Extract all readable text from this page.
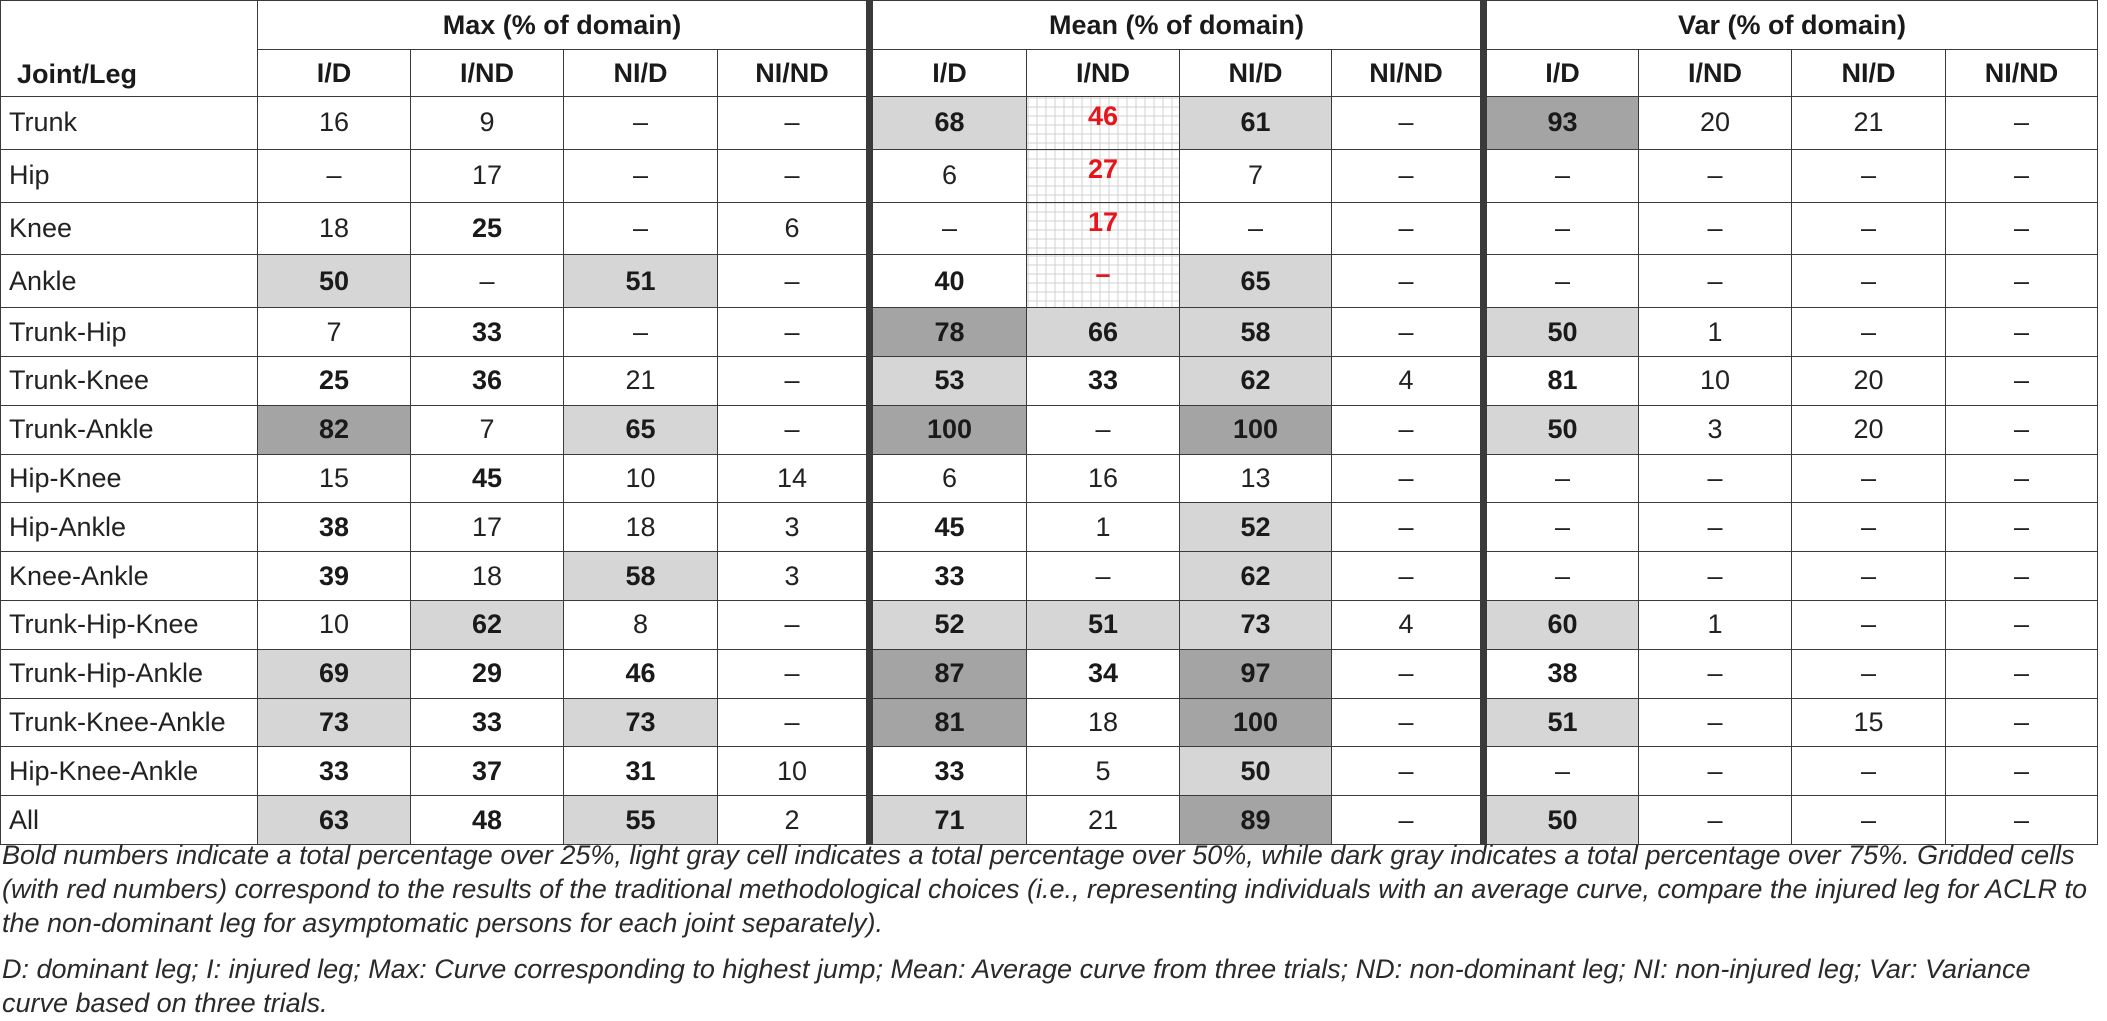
Joint/Leg	Max (% of domain)				Mean (% of domain)				Var (% of domain)			
	I/D	I/ND	NI/D	NI/ND	I/D	I/ND	NI/D	NI/ND	I/D	I/ND	NI/D	NI/ND
Trunk	16	9	–	–	68	46	61	–	93	20	21	–
Hip	–	17	–	–	6	27	7	–	–	–	–	–
Knee	18	25	–	6	–	17	–	–	–	–	–	–
Ankle	50	–	51	–	40	–	65	–	–	–	–	–
Trunk-Hip	7	33	–	–	78	66	58	–	50	1	–	–
Trunk-Knee	25	36	21	–	53	33	62	4	81	10	20	–
Trunk-Ankle	82	7	65	–	100	–	100	–	50	3	20	–
Hip-Knee	15	45	10	14	6	16	13	–	–	–	–	–
Hip-Ankle	38	17	18	3	45	1	52	–	–	–	–	–
Knee-Ankle	39	18	58	3	33	–	62	–	–	–	–	–
Trunk-Hip-Knee	10	62	8	–	52	51	73	4	60	1	–	–
Trunk-Hip-Ankle	69	29	46	–	87	34	97	–	38	–	–	–
Trunk-Knee-Ankle	73	33	73	–	81	18	100	–	51	–	15	–
Hip-Knee-Ankle	33	37	31	10	33	5	50	–	–	–	–	–
All	63	48	55	2	71	21	89	–	50	–	–	–

Bold numbers indicate a total percentage over 25%, light gray cell indicates a total percentage over 50%, while dark gray indicates a total percentage over 75%. Gridded cells (with red numbers) correspond to the results of the traditional methodological choices (i.e., representing individuals with an average curve, compare the injured leg for ACLR to the non-dominant leg for asymptomatic persons for each joint separately).

D: dominant leg; I: injured leg; Max: Curve corresponding to highest jump; Mean: Average curve from three trials; ND: non-dominant leg; NI: non-injured leg; Var: Variance curve based on three trials.
